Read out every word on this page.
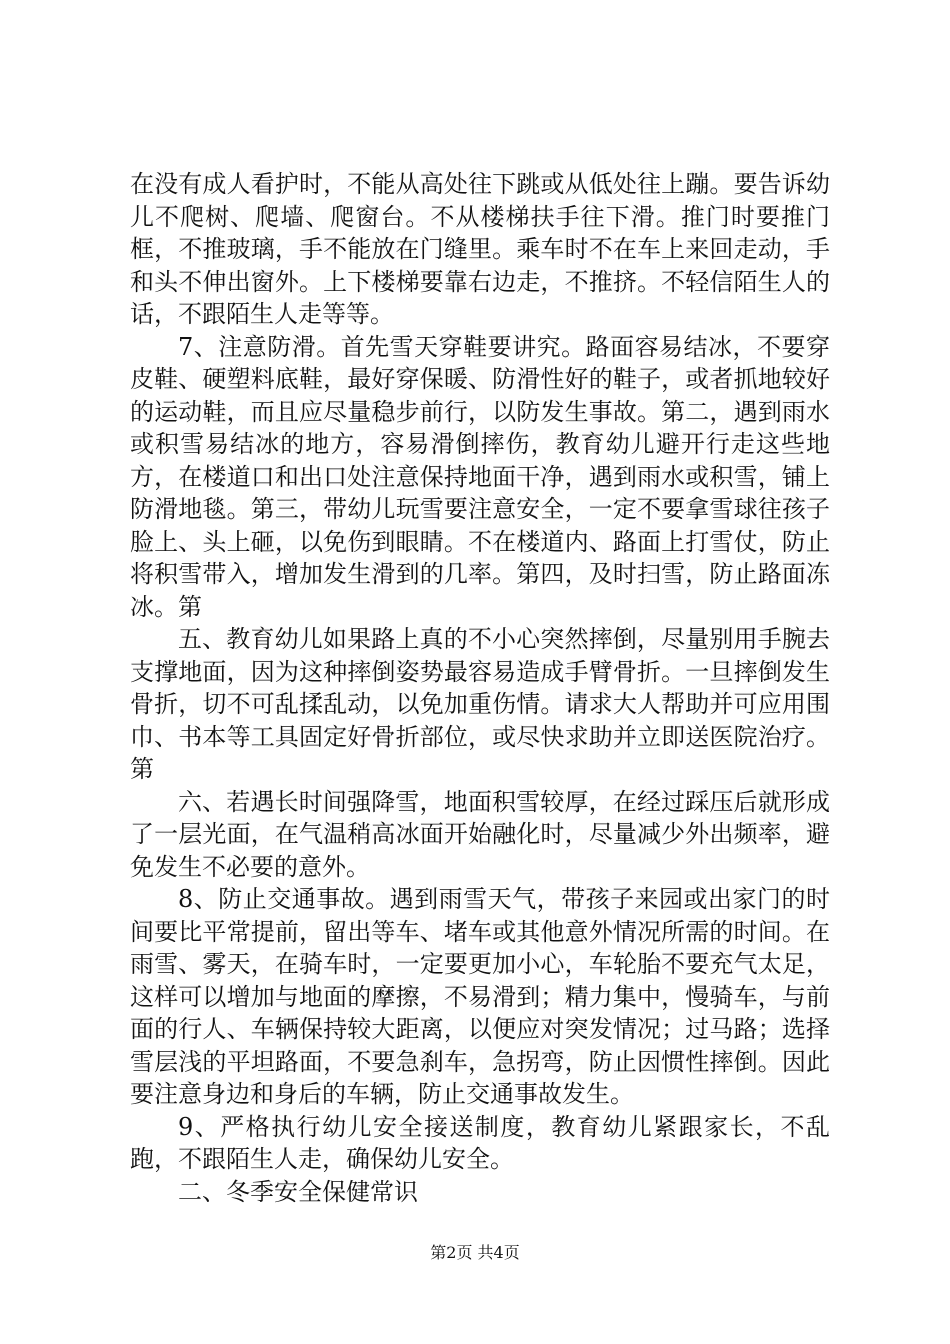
在没有成人看护时，不能从高处往下跳或从低处往上蹦。要告诉幼儿不爬树、爬墙、爬窗台。不从楼梯扶手往下滑。推门时要推门框，不推玻璃，手不能放在门缝里。乘车时不在车上来回走动，手和头不伸出窗外。上下楼梯要靠右边走，不推挤。不轻信陌生人的话，不跟陌生人走等等。

7、注意防滑。首先雪天穿鞋要讲究。路面容易结冰，不要穿皮鞋、硬塑料底鞋，最好穿保暖、防滑性好的鞋子，或者抓地较好的运动鞋，而且应尽量稳步前行，以防发生事故。第二，遇到雨水或积雪易结冰的地方，容易滑倒摔伤，教育幼儿避开行走这些地方，在楼道口和出口处注意保持地面干净，遇到雨水或积雪，铺上防滑地毯。第三，带幼儿玩雪要注意安全，一定不要拿雪球往孩子脸上、头上砸，以免伤到眼睛。不在楼道内、路面上打雪仗，防止将积雪带入，增加发生滑到的几率。第四，及时扫雪，防止路面冻冰。第

五、教育幼儿如果路上真的不小心突然摔倒，尽量别用手腕去支撑地面，因为这种摔倒姿势最容易造成手臂骨折。一旦摔倒发生骨折，切不可乱揉乱动，以免加重伤情。请求大人帮助并可应用围巾、书本等工具固定好骨折部位，或尽快求助并立即送医院治疗。第

六、若遇长时间强降雪，地面积雪较厚，在经过踩压后就形成了一层光面，在气温稍高冰面开始融化时，尽量减少外出频率，避免发生不必要的意外。

8、防止交通事故。遇到雨雪天气，带孩子来园或出家门的时间要比平常提前，留出等车、堵车或其他意外情况所需的时间。在雨雪、雾天，在骑车时，一定要更加小心，车轮胎不要充气太足，这样可以增加与地面的摩擦，不易滑到；精力集中，慢骑车，与前面的行人、车辆保持较大距离，以便应对突发情况；过马路；选择雪层浅的平坦路面，不要急刹车，急拐弯，防止因惯性摔倒。因此要注意身边和身后的车辆，防止交通事故发生。

9、严格执行幼儿安全接送制度，教育幼儿紧跟家长，不乱跑，不跟陌生人走，确保幼儿安全。

二、冬季安全保健常识

第2页 共4页
